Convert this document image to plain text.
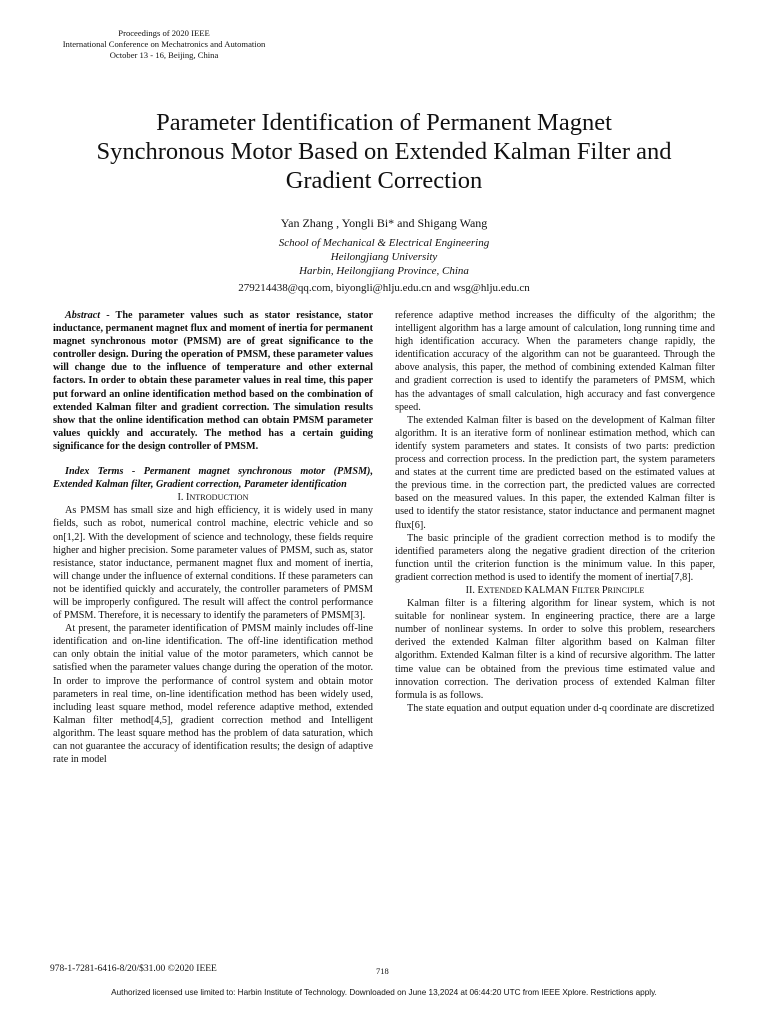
Proceedings of 2020 IEEE
International Conference on Mechatronics and Automation
October 13 - 16, Beijing, China
Parameter Identification of Permanent Magnet
Synchronous Motor Based on Extended Kalman Filter and
Gradient Correction
Yan Zhang , Yongli Bi* and Shigang Wang
School of Mechanical & Electrical Engineering
Heilongjiang University
Harbin, Heilongjiang Province, China
279214438@qq.com, biyongli@hlju.edu.cn and wsg@hlju.edu.cn

Abstract - The parameter values such as stator resistance, stator inductance, permanent magnet flux and moment of inertia for permanent magnet synchronous motor (PMSM) are of great significance to the controller design. During the operation of PMSM, these parameter values will change due to the influence of temperature and other external factors. In order to obtain these parameter values in real time, this paper put forward an online identification method based on the combination of extended Kalman filter and gradient correction. The simulation results show that the online identification method can obtain PMSM parameter values quickly and accurately. The method has a certain guiding significance for the design controller of PMSM.

Index Terms - Permanent magnet synchronous motor (PMSM), Extended Kalman filter, Gradient correction, Parameter identification

I. INTRODUCTION

As PMSM has small size and high efficiency, it is widely used in many fields, such as robot, numerical control machine, electric vehicle and so on[1,2]. With the development of science and technology, these fields require higher and higher precision. Some parameter values of PMSM, such as, stator resistance, stator inductance, permanent magnet flux and moment of inertia, will change under the influence of external conditions. If these parameters can not be identified quickly and accurately, the controller parameters of PMSM will be improperly configured. The result will affect the control performance of PMSM. Therefore, it is necessary to identify the parameters of PMSM[3].

At present, the parameter identification of PMSM mainly includes off-line identification and on-line identification. The off-line identification method can only obtain the initial value of the motor parameters, which cannot be satisfied when the parameter values change during the operation of the motor. In order to improve the performance of control system and obtain motor parameters in real time, on-line identification method has been widely used, including least square method, model reference adaptive method, extended Kalman filter method[4,5], gradient correction method and Intelligent algorithm. The least square method has the problem of data saturation, which can not guarantee the accuracy of identification results; the design of adaptive rate in model

reference adaptive method increases the difficulty of the algorithm; the intelligent algorithm has a large amount of calculation, long running time and high identification accuracy. When the parameters change rapidly, the identification accuracy of the algorithm can not be guaranteed. Through the above analysis, this paper, the method of combining extended Kalman filter and gradient correction is used to identify the parameters of PMSM, which has the advantages of small calculation, high accuracy and fast convergence speed.

The extended Kalman filter is based on the development of Kalman filter algorithm. It is an iterative form of nonlinear estimation method, which can identify system parameters and states. It consists of two parts: prediction process and correction process. In the prediction part, the system parameters and states at the current time are predicted based on the estimated values at the previous time. in the correction part, the predicted values are corrected based on the measured values. In this paper, the extended Kalman filter is used to identify the stator resistance, stator inductance and permanent magnet flux[6].

The basic principle of the gradient correction method is to modify the identified parameters along the negative gradient direction of the criterion function until the criterion function is the minimum value. In this paper, gradient correction method is used to identify the moment of inertia[7,8].

II. EXTENDED KALMAN FILTER PRINCIPLE

Kalman filter is a filtering algorithm for linear system, which is not suitable for nonlinear system. In engineering practice, there are a large number of nonlinear systems. In order to solve this problem, researchers derived the extended Kalman filter algorithm based on Kalman filter algorithm. Extended Kalman filter is a kind of recursive algorithm. The latter time value can be obtained from the previous time estimated value and innovation correction. The derivation process of extended Kalman filter formula is as follows.

The state equation and output equation under d-q coordinate are discretized

978-1-7281-6416-8/20/$31.00 ©2020 IEEE	718
Authorized licensed use limited to: Harbin Institute of Technology. Downloaded on June 13,2024 at 06:44:20 UTC from IEEE Xplore. Restrictions apply.
